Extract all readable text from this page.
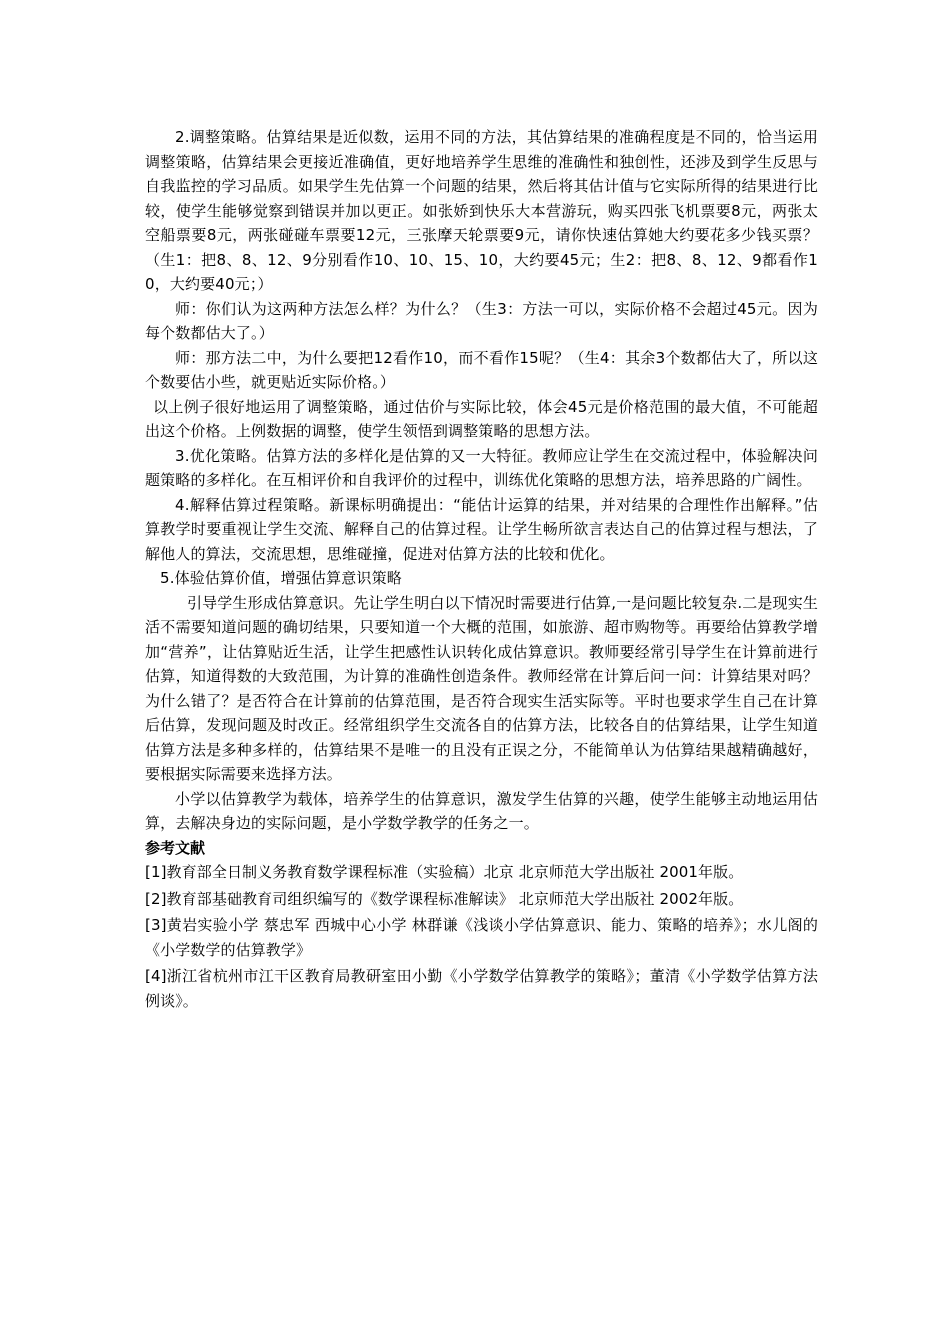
2.调整策略。估算结果是近似数，运用不同的方法，其估算结果的准确程度是不同的，恰当运用调整策略，估算结果会更接近准确值，更好地培养学生思维的准确性和独创性，还涉及到学生反思与自我监控的学习品质。如果学生先估算一个问题的结果，然后将其估计值与它实际所得的结果进行比较，使学生能够觉察到错误并加以更正。如张娇到快乐大本营游玩，购买四张飞机票要8元，两张太空船票要8元，两张碰碰车票要12元，三张摩天轮票要9元，请你快速估算她大约要花多少钱买票？（生1：把8、8、12、9分别看作10、10、15、10，大约要45元；生2：把8、8、12、9都看作10，大约要40元；）

师：你们认为这两种方法怎么样？为什么？（生3：方法一可以，实际价格不会超过45元。因为每个数都估大了。）

师：那方法二中，为什么要把12看作10，而不看作15呢？（生4：其余3个数都估大了，所以这个数要估小些，就更贴近实际价格。）

以上例子很好地运用了调整策略，通过估价与实际比较，体会45元是价格范围的最大值，不可能超出这个价格。上例数据的调整，使学生领悟到调整策略的思想方法。

3.优化策略。估算方法的多样化是估算的又一大特征。教师应让学生在交流过程中，体验解决问题策略的多样化。在互相评价和自我评价的过程中，训练优化策略的思想方法，培养思路的广阔性。

4.解释估算过程策略。新课标明确提出：“能估计运算的结果，并对结果的合理性作出解释。”估算教学时要重视让学生交流、解释自己的估算过程。让学生畅所欲言表达自己的估算过程与想法，了解他人的算法，交流思想，思维碰撞，促进对估算方法的比较和优化。

5.体验估算价值，增强估算意识策略

引导学生形成估算意识。先让学生明白以下情况时需要进行估算,一是问题比较复杂.二是现实生活不需要知道问题的确切结果，只要知道一个大概的范围，如旅游、超市购物等。再要给估算教学增加“营养”，让估算贴近生活，让学生把感性认识转化成估算意识。教师要经常引导学生在计算前进行估算，知道得数的大致范围，为计算的准确性创造条件。教师经常在计算后问一问：计算结果对吗？为什么错了？是否符合在计算前的估算范围，是否符合现实生活实际等。平时也要求学生自己在计算后估算，发现问题及时改正。经常组织学生交流各自的估算方法，比较各自的估算结果，让学生知道估算方法是多种多样的，估算结果不是唯一的且没有正误之分，不能简单认为估算结果越精确越好，要根据实际需要来选择方法。

小学以估算教学为载体，培养学生的估算意识，激发学生估算的兴趣，使学生能够主动地运用估算，去解决身边的实际问题，是小学数学教学的任务之一。

参考文献

[1]教育部全日制义务教育数学课程标准（实验稿）北京 北京师范大学出版社 2001年版。

[2]教育部基础教育司组织编写的《数学课程标准解读》 北京师范大学出版社 2002年版。

[3]黄岩实验小学 蔡忠军 西城中心小学 林群谦《浅谈小学估算意识、能力、策略的培养》；水儿阁的《小学数学的估算教学》

[4]浙江省杭州市江干区教育局教研室田小勤《小学数学估算教学的策略》；董清《小学数学估算方法例谈》。
